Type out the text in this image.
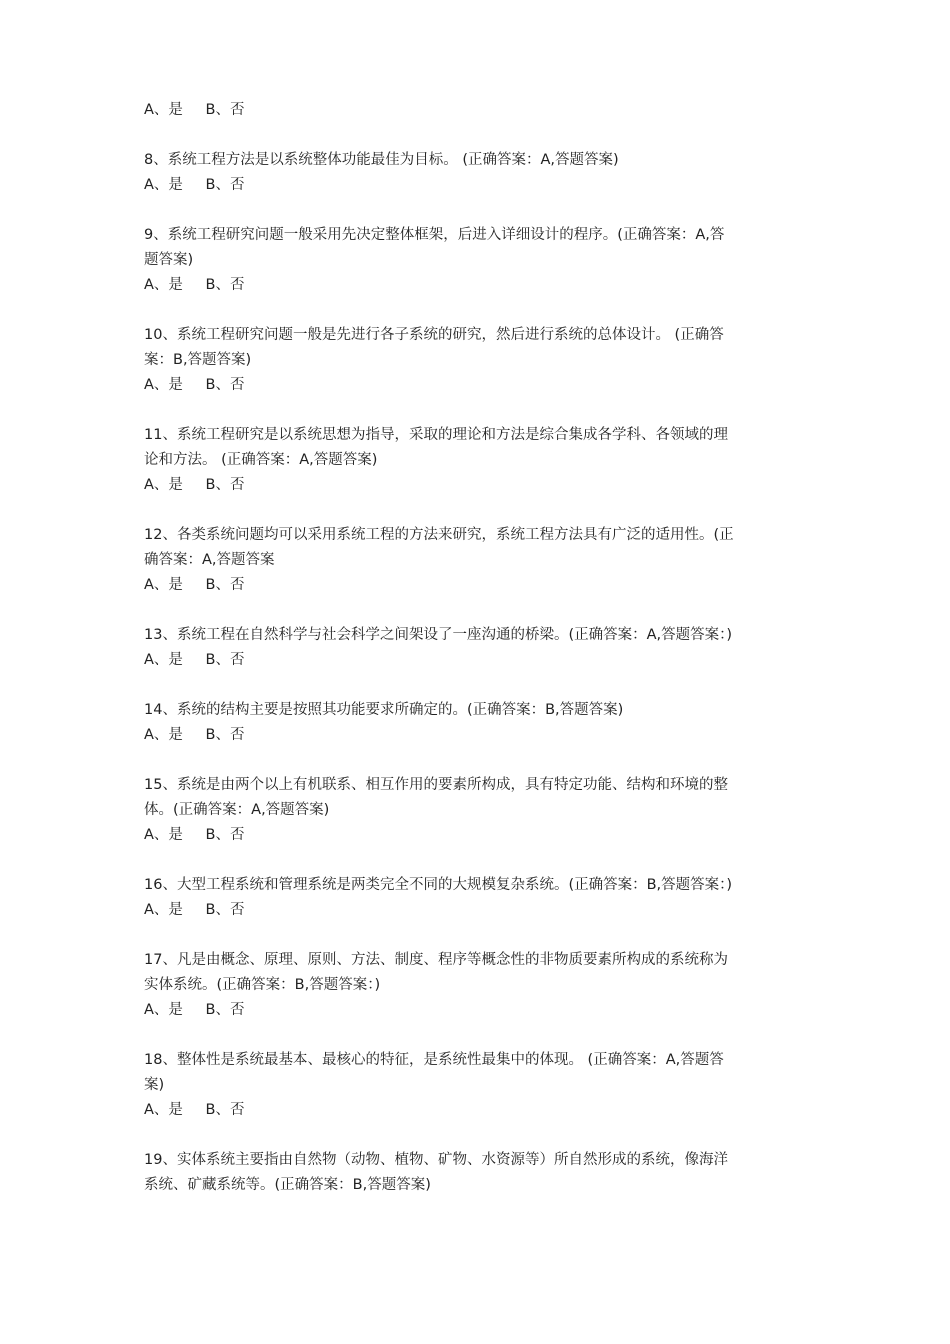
A、是 B、否
8、系统工程方法是以系统整体功能最佳为目标。 (正确答案：A,答题答案)
A、是 B、否
9、系统工程研究问题一般采用先决定整体框架，后进入详细设计的程序。(正确答案：A,答
题答案)
A、是 B、否
10、系统工程研究问题一般是先进行各子系统的研究，然后进行系统的总体设计。 (正确答
案：B,答题答案)
A、是 B、否
11、系统工程研究是以系统思想为指导，采取的理论和方法是综合集成各学科、各领域的理
论和方法。 (正确答案：A,答题答案)
A、是 B、否
12、各类系统问题均可以采用系统工程的方法来研究，系统工程方法具有广泛的适用性。(正
确答案：A,答题答案
A、是 B、否
13、系统工程在自然科学与社会科学之间架设了一座沟通的桥梁。(正确答案：A,答题答案：)
A、是 B、否
14、系统的结构主要是按照其功能要求所确定的。(正确答案：B,答题答案)
A、是 B、否
15、系统是由两个以上有机联系、相互作用的要素所构成，具有特定功能、结构和环境的整
体。(正确答案：A,答题答案)
A、是 B、否
16、大型工程系统和管理系统是两类完全不同的大规模复杂系统。(正确答案：B,答题答案：)
A、是 B、否
17、凡是由概念、原理、原则、方法、制度、程序等概念性的非物质要素所构成的系统称为
实体系统。(正确答案：B,答题答案：)
A、是 B、否
18、整体性是系统最基本、最核心的特征，是系统性最集中的体现。 (正确答案：A,答题答
案)
A、是 B、否
19、实体系统主要指由自然物（动物、植物、矿物、水资源等）所自然形成的系统，像海洋
系统、矿藏系统等。(正确答案：B,答题答案)
